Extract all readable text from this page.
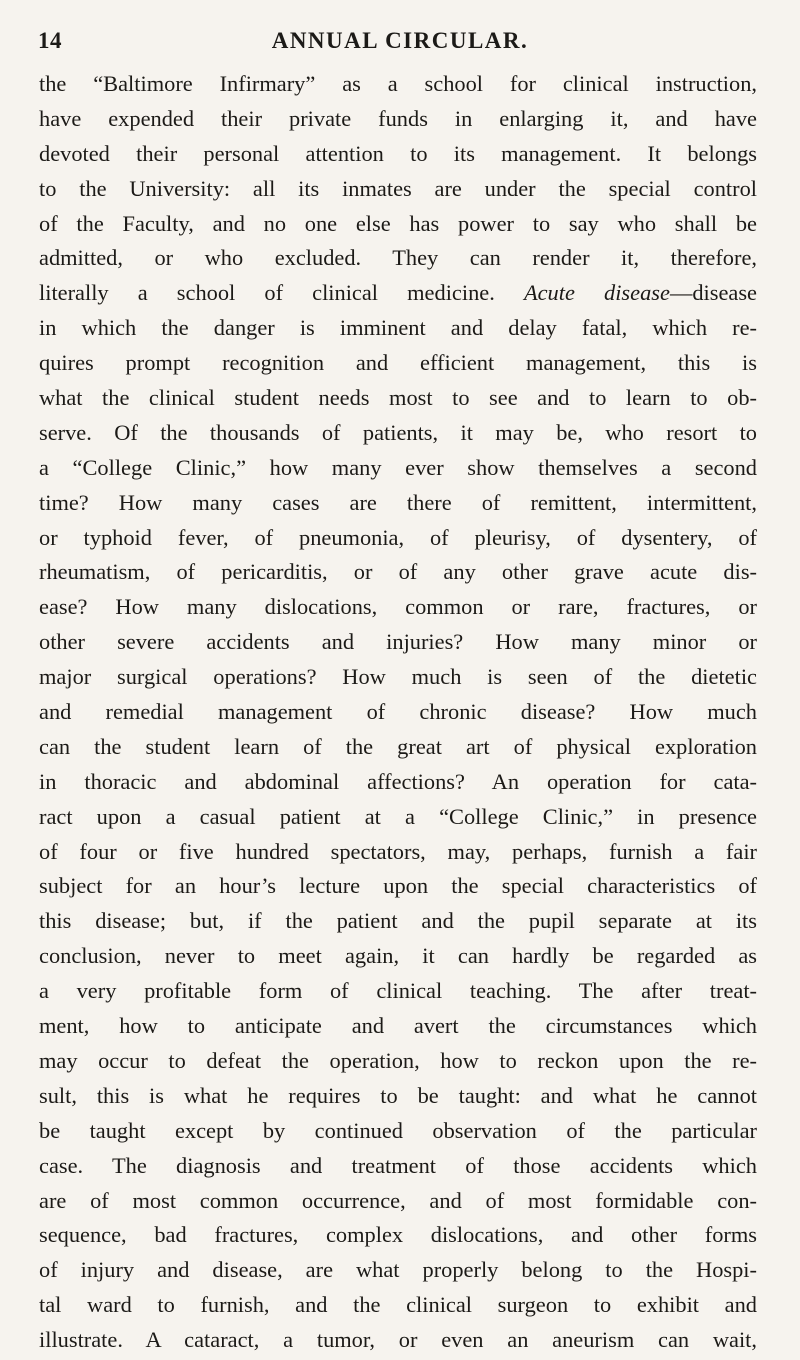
14	ANNUAL CIRCULAR.
the “Baltimore Infirmary” as a school for clinical instruction,
have expended their private funds in enlarging it, and have
devoted their personal attention to its management. It belongs
to the University: all its inmates are under the special control
of the Faculty, and no one else has power to say who shall be
admitted, or who excluded. They can render it, therefore,
literally a school of clinical medicine. Acute disease—disease
in which the danger is imminent and delay fatal, which re-
quires prompt recognition and efficient management, this is
what the clinical student needs most to see and to learn to ob-
serve. Of the thousands of patients, it may be, who resort to
a “College Clinic,” how many ever show themselves a second
time? How many cases are there of remittent, intermittent,
or typhoid fever, of pneumonia, of pleurisy, of dysentery, of
rheumatism, of pericarditis, or of any other grave acute dis-
ease? How many dislocations, common or rare, fractures, or
other severe accidents and injuries? How many minor or
major surgical operations? How much is seen of the dietetic
and remedial management of chronic disease? How much
can the student learn of the great art of physical exploration
in thoracic and abdominal affections? An operation for cata-
ract upon a casual patient at a “College Clinic,” in presence
of four or five hundred spectators, may, perhaps, furnish a fair
subject for an hour’s lecture upon the special characteristics of
this disease; but, if the patient and the pupil separate at its
conclusion, never to meet again, it can hardly be regarded as
a very profitable form of clinical teaching. The after treat-
ment, how to anticipate and avert the circumstances which
may occur to defeat the operation, how to reckon upon the re-
sult, this is what he requires to be taught: and what he cannot
be taught except by continued observation of the particular
case. The diagnosis and treatment of those accidents which
are of most common occurrence, and of most formidable con-
sequence, bad fractures, complex dislocations, and other forms
of injury and disease, are what properly belong to the Hospi-
tal ward to furnish, and the clinical surgeon to exhibit and
illustrate. A cataract, a tumor, or even an aneurism can wait,
